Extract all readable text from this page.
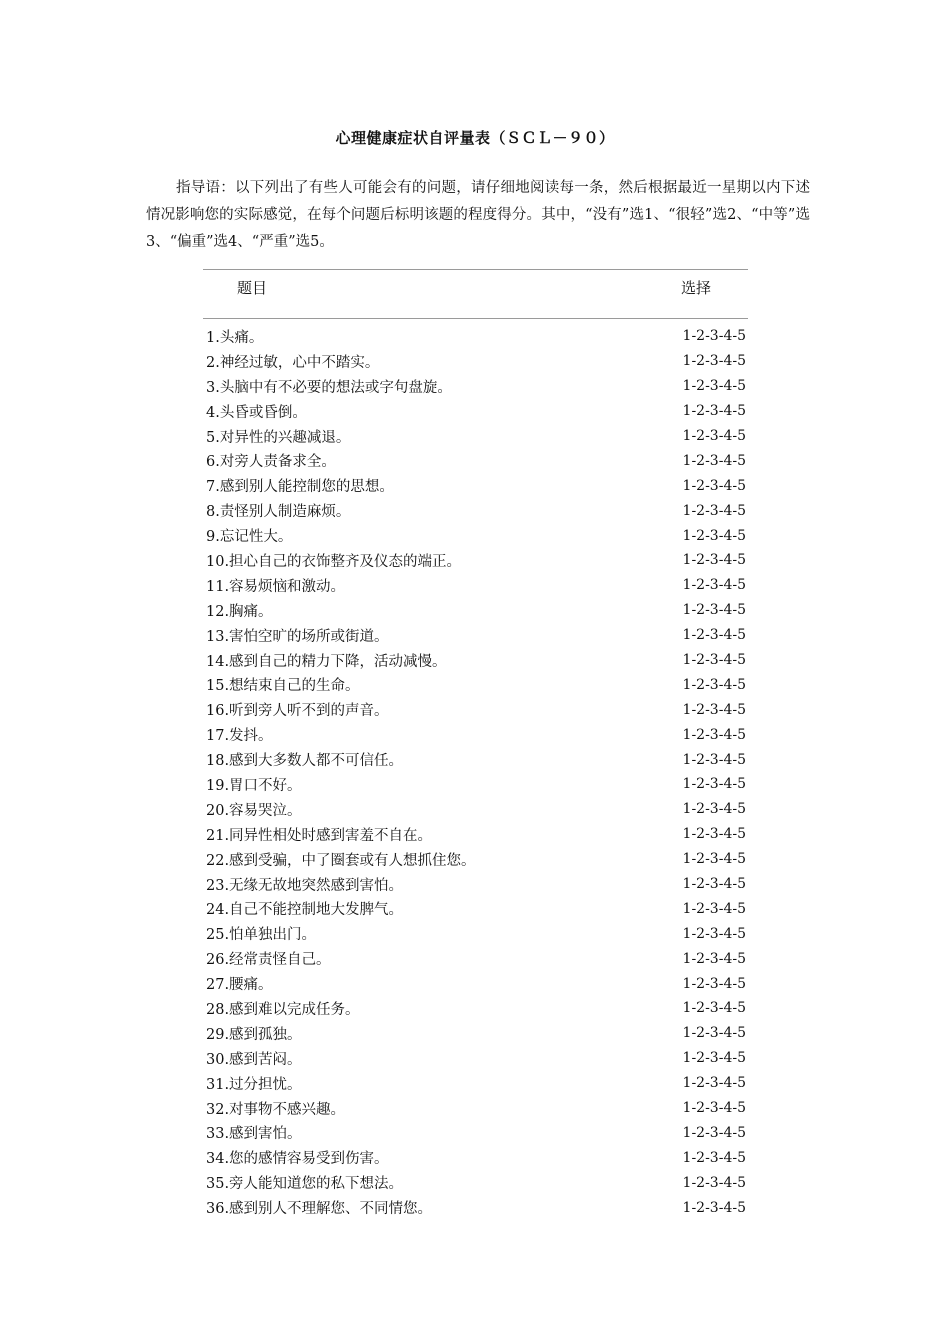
心理健康症状自评量表（ＳＣＬ－９０）

指导语：以下列出了有些人可能会有的问题，请仔细地阅读每一条，然后根据最近一星期以内下述情况影响您的实际感觉，在每个问题后标明该题的程度得分。其中，“没有”选1、“很轻”选2、“中等”选3、“偏重”选4、“严重”选5。

题目	选择
1.头痛。	1-2-3-4-5
2.神经过敏，心中不踏实。	1-2-3-4-5
3.头脑中有不必要的想法或字句盘旋。	1-2-3-4-5
4.头昏或昏倒。	1-2-3-4-5
5.对异性的兴趣减退。	1-2-3-4-5
6.对旁人责备求全。	1-2-3-4-5
7.感到别人能控制您的思想。	1-2-3-4-5
8.责怪别人制造麻烦。	1-2-3-4-5
9.忘记性大。	1-2-3-4-5
10.担心自己的衣饰整齐及仪态的端正。	1-2-3-4-5
11.容易烦恼和激动。	1-2-3-4-5
12.胸痛。	1-2-3-4-5
13.害怕空旷的场所或街道。	1-2-3-4-5
14.感到自己的精力下降，活动减慢。	1-2-3-4-5
15.想结束自己的生命。	1-2-3-4-5
16.听到旁人听不到的声音。	1-2-3-4-5
17.发抖。	1-2-3-4-5
18.感到大多数人都不可信任。	1-2-3-4-5
19.胃口不好。	1-2-3-4-5
20.容易哭泣。	1-2-3-4-5
21.同异性相处时感到害羞不自在。	1-2-3-4-5
22.感到受骗，中了圈套或有人想抓住您。	1-2-3-4-5
23.无缘无故地突然感到害怕。	1-2-3-4-5
24.自己不能控制地大发脾气。	1-2-3-4-5
25.怕单独出门。	1-2-3-4-5
26.经常责怪自己。	1-2-3-4-5
27.腰痛。	1-2-3-4-5
28.感到难以完成任务。	1-2-3-4-5
29.感到孤独。	1-2-3-4-5
30.感到苦闷。	1-2-3-4-5
31.过分担忧。	1-2-3-4-5
32.对事物不感兴趣。	1-2-3-4-5
33.感到害怕。	1-2-3-4-5
34.您的感情容易受到伤害。	1-2-3-4-5
35.旁人能知道您的私下想法。	1-2-3-4-5
36.感到别人不理解您、不同情您。	1-2-3-4-5
